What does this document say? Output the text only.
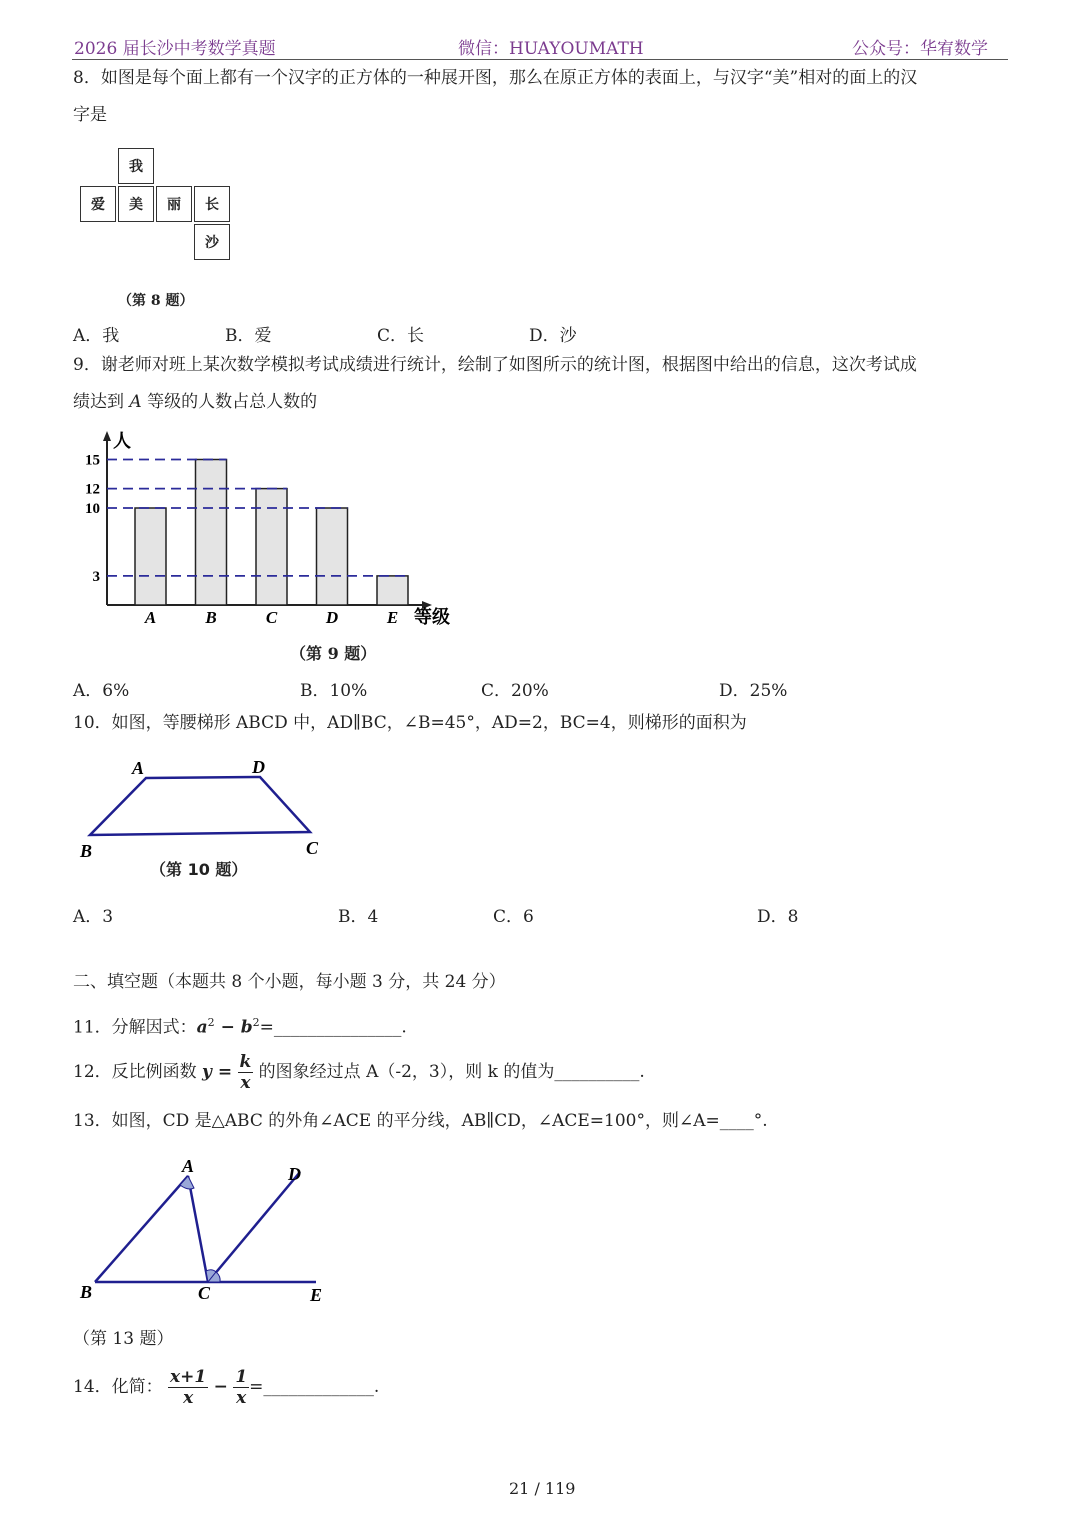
2026 届长沙中考数学真题	微信：HUAYOUMATH	公众号：华宥数学
8．如图是每个面上都有一个汉字的正方体的一种展开图，那么在原正方体的表面上，与汉字“美”相对的面上的汉
字是
我
爱	美	丽	长
沙
（第 8 题）
A．我	B．爱	C．长	D．沙
9．谢老师对班上某次数学模拟考试成绩进行统计，绘制了如图所示的统计图，根据图中给出的信息，这次考试成
绩达到 A 等级的人数占总人数的
人
等级
A	B	C	D	E
3
10
12
15
（第 9 题）
A．6%	B．10%	C．20%	D．25%
10．如图，等腰梯形 ABCD 中，AD∥BC，∠B=45°，AD=2，BC=4，则梯形的面积为
A	D
B	C
（第 10 题）
A．3	B．4	C．6	D．8
二、填空题（本题共 8 个小题，每小题 3 分，共 24 分）
11．分解因式：$a^2$ − $b^2=\_\_\_\_\_\_\_\_\_\_\_\_\_\_\_$.
12．反比例函数 $y = \frac{k}{x}$ 的图象经过点 A（-2，3），则 k 的值为__________.
13．如图，CD 是△ABC 的外角∠ACE 的平分线，AB∥CD，∠ACE=100°，则∠A=____°.
A	D
B	C	E
（第 13 题）
14．化简： $\frac{x+1}{x} - \frac{1}{x}$ =_____________.
21 / 119
